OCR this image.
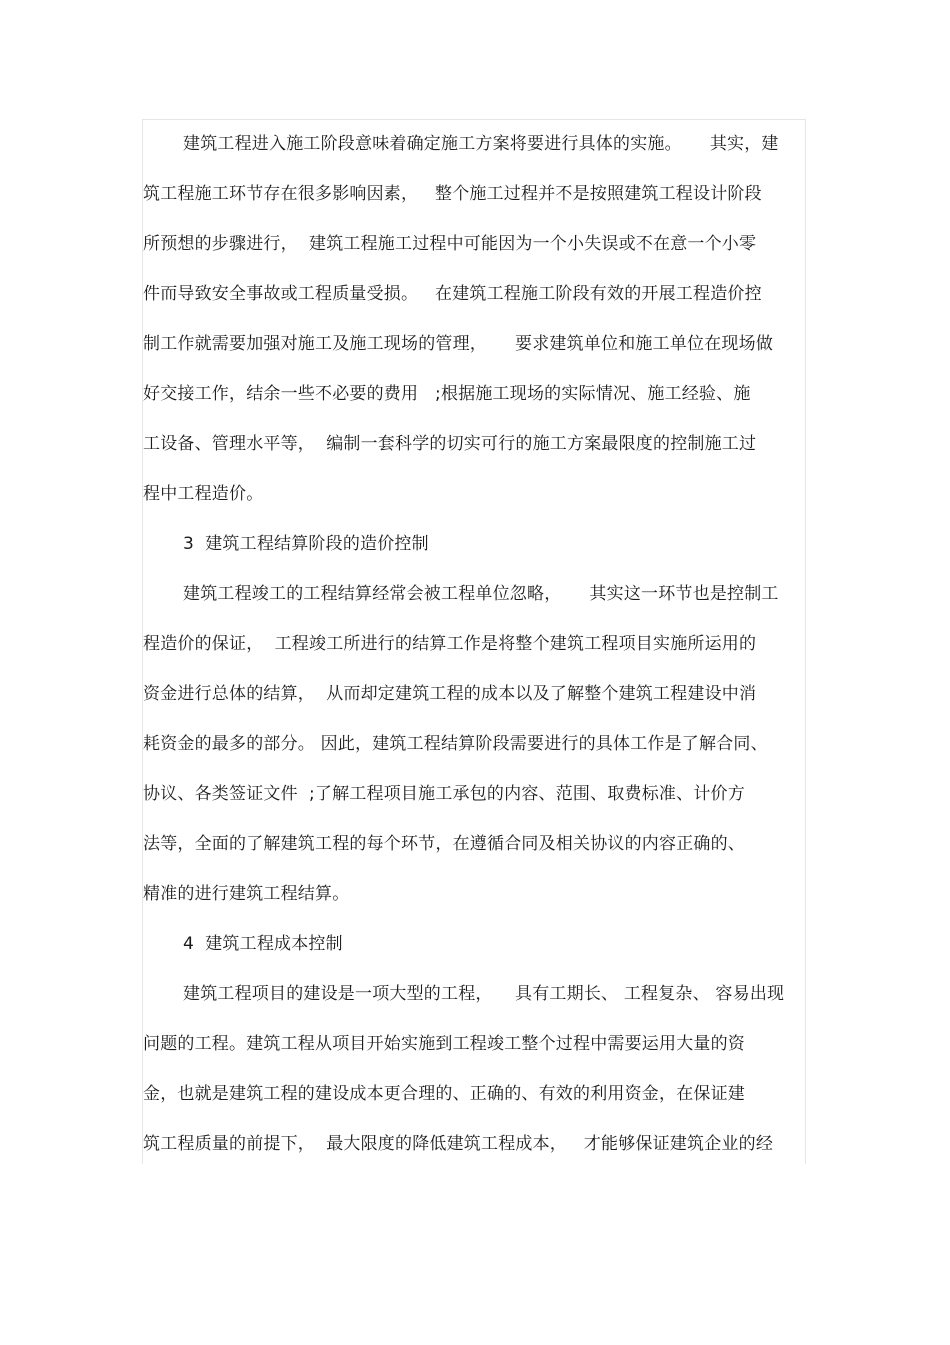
建筑工程进入施工阶段意味着确定施工方案将要进行具体的实施。     其实，建
筑工程施工环节存在很多影响因素，   整个施工过程并不是按照建筑工程设计阶段
所预想的步骤进行，  建筑工程施工过程中可能因为一个小失误或不在意一个小零
件而导致安全事故或工程质量受损。   在建筑工程施工阶段有效的开展工程造价控
制工作就需要加强对施工及施工现场的管理，     要求建筑单位和施工单位在现场做
好交接工作，结余一些不必要的费用   ;根据施工现场的实际情况、施工经验、施
工设备、管理水平等，  编制一套科学的切实可行的施工方案最限度的控制施工过
程中工程造价。
3  建筑工程结算阶段的造价控制
建筑工程竣工的工程结算经常会被工程单位忽略，     其实这一环节也是控制工
程造价的保证，  工程竣工所进行的结算工作是将整个建筑工程项目实施所运用的
资金进行总体的结算，  从而却定建筑工程的成本以及了解整个建筑工程建设中消
耗资金的最多的部分。 因此，建筑工程结算阶段需要进行的具体工作是了解合同、
协议、各类签证文件  ;了解工程项目施工承包的内容、范围、取费标准、计价方
法等，全面的了解建筑工程的每个环节，在遵循合同及相关协议的内容正确的、
精准的进行建筑工程结算。
4  建筑工程成本控制
建筑工程项目的建设是一项大型的工程，    具有工期长、 工程复杂、 容易出现
问题的工程。建筑工程从项目开始实施到工程竣工整个过程中需要运用大量的资
金，也就是建筑工程的建设成本更合理的、正确的、有效的利用资金，在保证建
筑工程质量的前提下，  最大限度的降低建筑工程成本，   才能够保证建筑企业的经
